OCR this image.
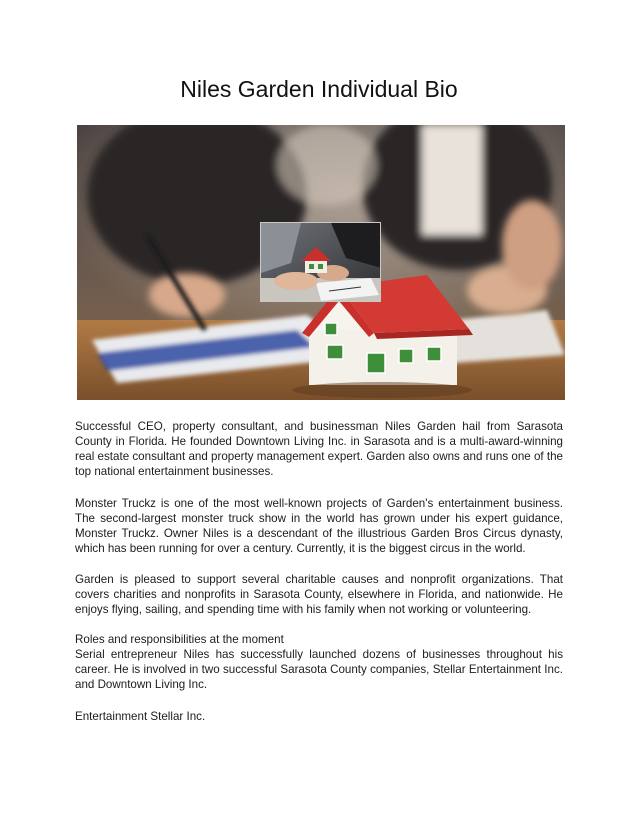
Niles Garden Individual Bio

Successful CEO, property consultant, and businessman Niles Garden hail from Sarasota County in Florida. He founded Downtown Living Inc. in Sarasota and is a multi-award-winning real estate consultant and property management expert. Garden also owns and runs one of the top national entertainment businesses.

Monster Truckz is one of the most well-known projects of Garden's entertainment business. The second-largest monster truck show in the world has grown under his expert guidance, Monster Truckz. Owner Niles is a descendant of the illustrious Garden Bros Circus dynasty, which has been running for over a century. Currently, it is the biggest circus in the world.

Garden is pleased to support several charitable causes and nonprofit organizations. That covers charities and nonprofits in Sarasota County, elsewhere in Florida, and nationwide. He enjoys flying, sailing, and spending time with his family when not working or volunteering.

Roles and responsibilities at the moment

Serial entrepreneur Niles has successfully launched dozens of businesses throughout his career. He is involved in two successful Sarasota County companies, Stellar Entertainment Inc. and Downtown Living Inc.

Entertainment Stellar Inc.
